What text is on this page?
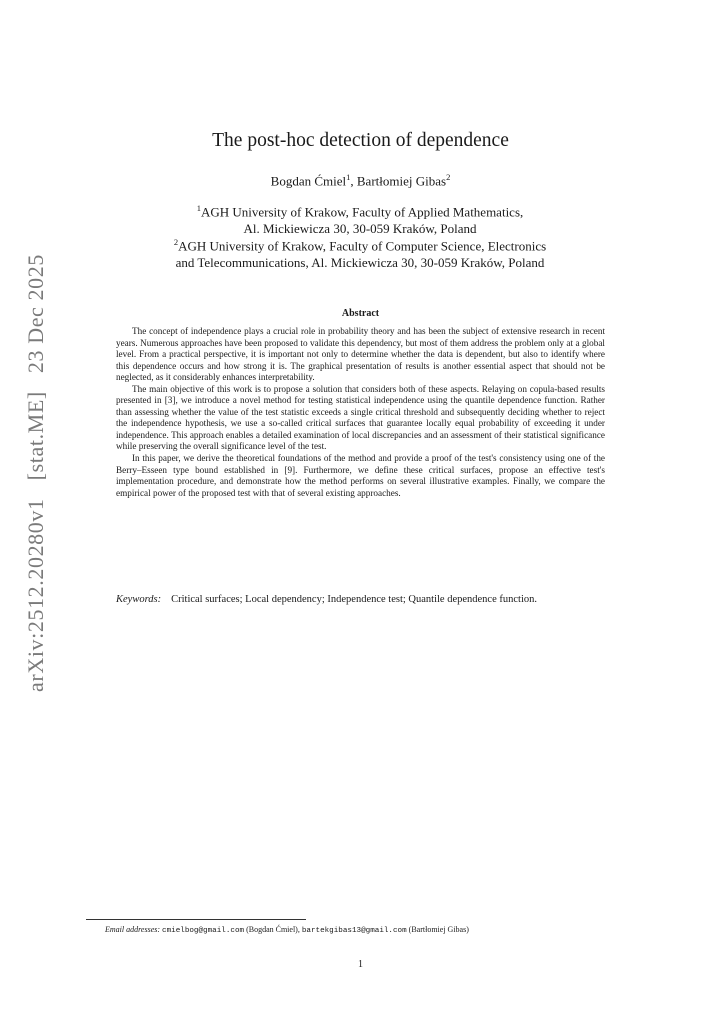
arXiv:2512.20280v1 [stat.ME] 23 Dec 2025
The post-hoc detection of dependence
Bogdan Ćmiel$^1$, Bartłomiej Gibas$^2$
$^1$AGH University of Krakow, Faculty of Applied Mathematics,
Al. Mickiewicza 30, 30-059 Kraków, Poland
$^2$AGH University of Krakow, Faculty of Computer Science, Electronics
and Telecommunications, Al. Mickiewicza 30, 30-059 Kraków, Poland
Abstract

The concept of independence plays a crucial role in probability theory and has been the subject of extensive research in recent years. Numerous approaches have been proposed to validate this dependency, but most of them address the problem only at a global level. From a practical perspective, it is important not only to determine whether the data is dependent, but also to identify where this dependence occurs and how strong it is. The graphical presentation of results is another essential aspect that should not be neglected, as it considerably enhances interpretability.

The main objective of this work is to propose a solution that considers both of these aspects. Relaying on copula-based results presented in [3], we introduce a novel method for testing statistical independence using the quantile dependence function. Rather than assessing whether the value of the test statistic exceeds a single critical threshold and subsequently deciding whether to reject the independence hypothesis, we use a so-called critical surfaces that guarantee locally equal probability of exceeding it under independence. This approach enables a detailed examination of local discrepancies and an assessment of their statistical significance while preserving the overall significance level of the test.

In this paper, we derive the theoretical foundations of the method and provide a proof of the test's consistency using one of the Berry–Esseen type bound established in [9]. Furthermore, we define these critical surfaces, propose an effective test's implementation procedure, and demonstrate how the method performs on several illustrative examples. Finally, we compare the empirical power of the proposed test with that of several existing approaches.

Keywords: Critical surfaces; Local dependency; Independence test; Quantile dependence function.
Email addresses: cmielbog@gmail.com (Bogdan Ćmiel), bartekgibas13@gmail.com (Bartłomiej Gibas)
1
